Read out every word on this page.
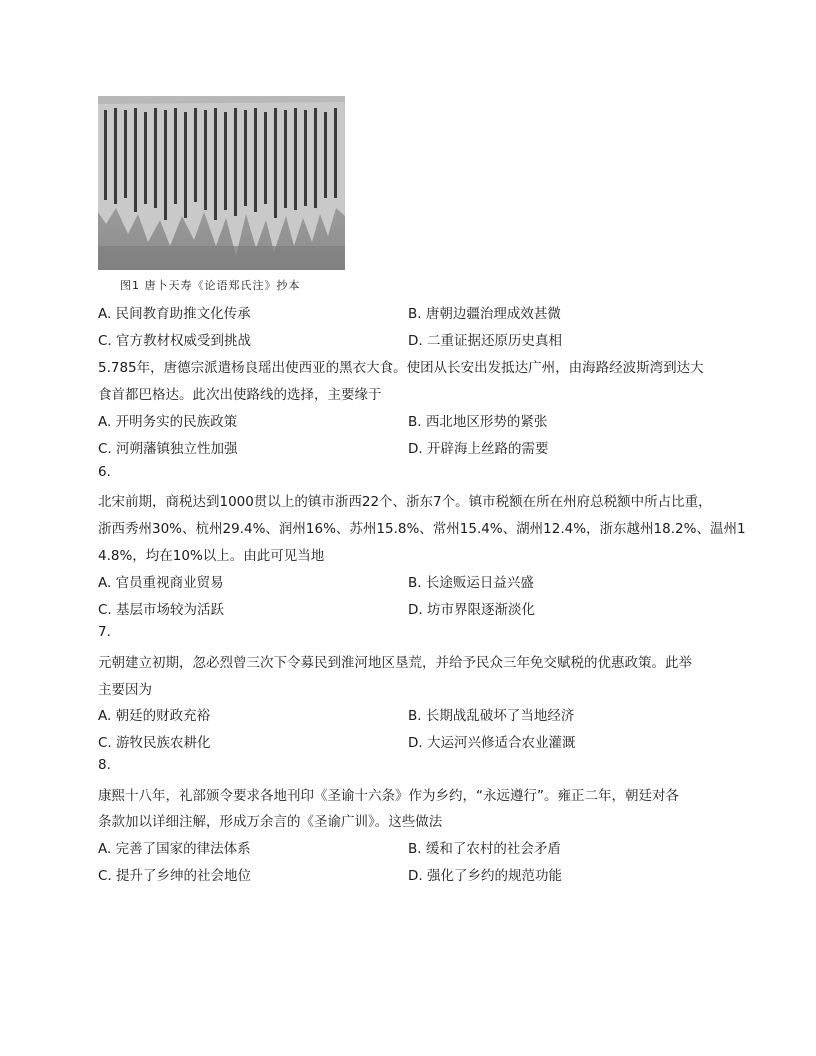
图1 唐卜天寿《论语郑氏注》抄本
A. 民间教育助推文化传承	B. 唐朝边疆治理成效甚微
C. 官方教材权威受到挑战	D. 二重证据还原历史真相
5.785年，唐德宗派遣杨良瑶出使西亚的黑衣大食。使团从长安出发抵达广州，由海路经波斯湾到达大
食首都巴格达。此次出使路线的选择，主要缘于
A. 开明务实的民族政策	B. 西北地区形势的紧张
C. 河朔藩镇独立性加强	D. 开辟海上丝路的需要
6.
北宋前期，商税达到1000贯以上的镇市浙西22个、浙东7个。镇市税额在所在州府总税额中所占比重，
浙西秀州30%、杭州29.4%、润州16%、苏州15.8%、常州15.4%、湖州12.4%，浙东越州18.2%、温州1
4.8%，均在10%以上。由此可见当地
A. 官员重视商业贸易	B. 长途贩运日益兴盛
C. 基层市场较为活跃	D. 坊市界限逐渐淡化
7.
元朝建立初期，忽必烈曾三次下令募民到淮河地区垦荒，并给予民众三年免交赋税的优惠政策。此举
主要因为
A. 朝廷的财政充裕	B. 长期战乱破坏了当地经济
C. 游牧民族农耕化	D. 大运河兴修适合农业灌溉
8.
康熙十八年，礼部颁令要求各地刊印《圣谕十六条》作为乡约，“永远遵行”。雍正二年，朝廷对各
条款加以详细注解，形成万余言的《圣谕广训》。这些做法
A. 完善了国家的律法体系	B. 缓和了农村的社会矛盾
C. 提升了乡绅的社会地位	D. 强化了乡约的规范功能
